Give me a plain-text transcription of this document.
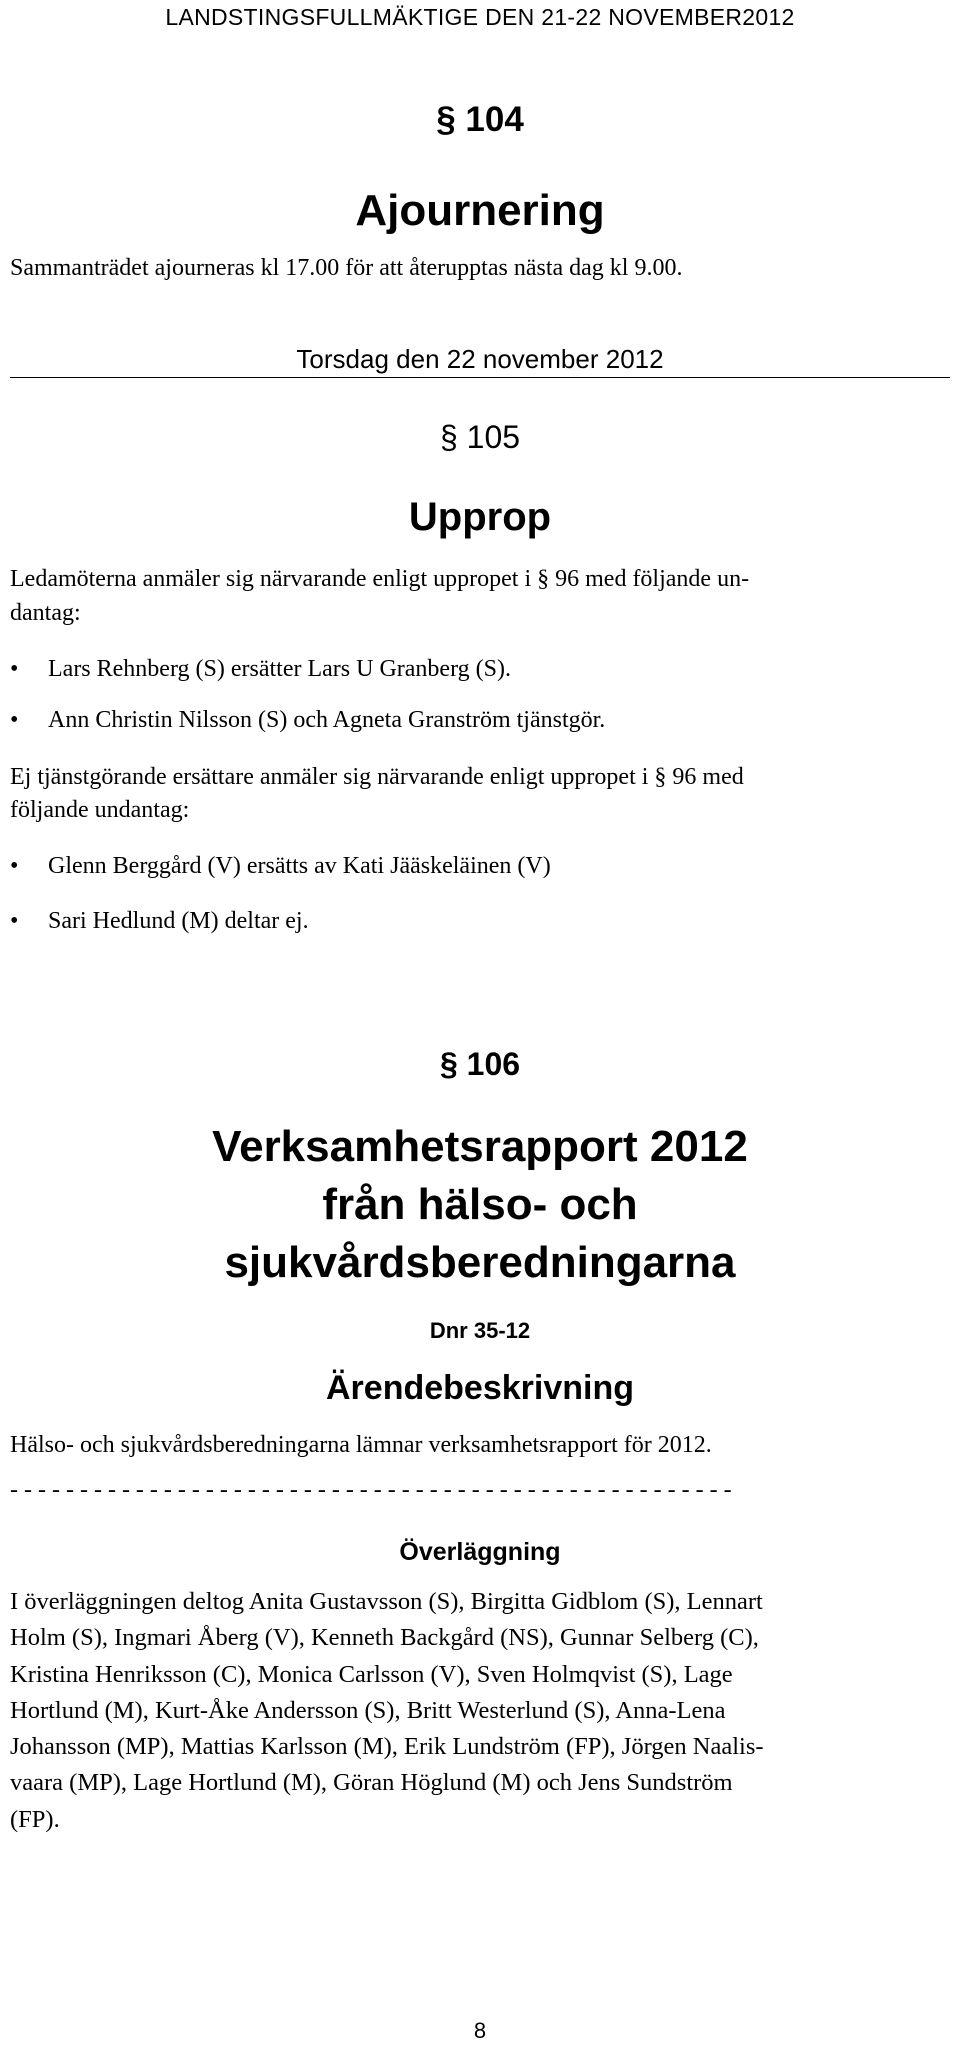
LANDSTINGSFULLMÄKTIGE DEN 21-22 NOVEMBER2012
§ 104
Ajournering
Sammanträdet ajourneras kl 17.00 för att återupptas nästa dag kl 9.00.
Torsdag den 22 november 2012
§ 105
Upprop
Ledamöterna anmäler sig närvarande enligt uppropet i § 96 med följande un-
dantag:
• Lars Rehnberg (S) ersätter Lars U Granberg (S).
• Ann Christin Nilsson (S) och Agneta Granström tjänstgör.
Ej tjänstgörande ersättare anmäler sig närvarande enligt uppropet i § 96 med
följande undantag:
• Glenn Berggård (V) ersätts av Kati Jääskeläinen (V)
• Sari Hedlund (M) deltar ej.
§ 106
Verksamhetsrapport 2012
från hälso- och
sjukvårdsberedningarna
Dnr 35-12
Ärendebeskrivning
Hälso- och sjukvårdsberedningarna lämnar verksamhetsrapport för 2012.
- - - - - - - - - - - - - - - - - - - - - - - - - - - - - - - - - - - - - - - - - - - - - - - - - - - -
Överläggning
I överläggningen deltog Anita Gustavsson (S), Birgitta Gidblom (S), Lennart
Holm (S), Ingmari Åberg (V), Kenneth Backgård (NS), Gunnar Selberg (C),
Kristina Henriksson (C), Monica Carlsson (V), Sven Holmqvist (S), Lage
Hortlund (M), Kurt-Åke Andersson (S), Britt Westerlund (S), Anna-Lena
Johansson (MP), Mattias Karlsson (M), Erik Lundström (FP), Jörgen Naalis-
vaara (MP), Lage Hortlund (M), Göran Höglund (M) och Jens Sundström
(FP).
8
